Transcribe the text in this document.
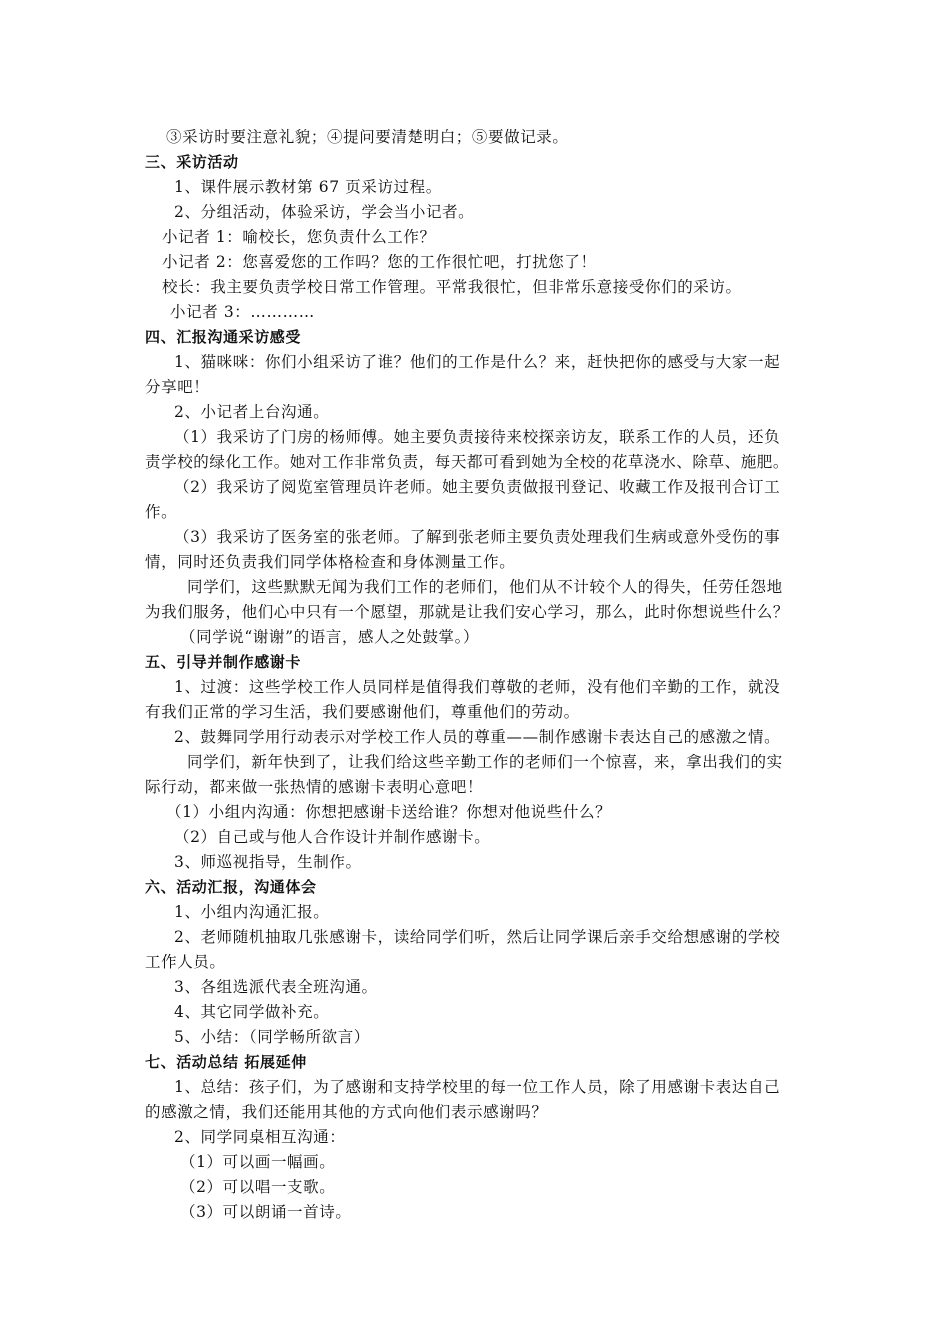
③采访时要注意礼貌；④提问要清楚明白；⑤要做记录。
三、采访活动
1、课件展示教材第 67 页采访过程。
2、分组活动，体验采访，学会当小记者。
小记者 1：喻校长，您负责什么工作？
小记者 2：您喜爱您的工作吗？您的工作很忙吧，打扰您了！
校长：我主要负责学校日常工作管理。平常我很忙，但非常乐意接受你们的采访。
小记者 3：…………
四、汇报沟通采访感受
1、猫咪咪：你们小组采访了谁？他们的工作是什么？来，赶快把你的感受与大家一起
分享吧！
2、小记者上台沟通。
（1）我采访了门房的杨师傅。她主要负责接待来校探亲访友，联系工作的人员，还负
责学校的绿化工作。她对工作非常负责，每天都可看到她为全校的花草浇水、除草、施肥。
（2）我采访了阅览室管理员许老师。她主要负责做报刊登记、收藏工作及报刊合订工
作。
（3）我采访了医务室的张老师。了解到张老师主要负责处理我们生病或意外受伤的事
情，同时还负责我们同学体格检查和身体测量工作。
同学们，这些默默无闻为我们工作的老师们，他们从不计较个人的得失，任劳任怨地
为我们服务，他们心中只有一个愿望，那就是让我们安心学习，那么，此时你想说些什么？
（同学说“谢谢”的语言，感人之处鼓掌。）
五、引导并制作感谢卡
1、过渡：这些学校工作人员同样是值得我们尊敬的老师，没有他们辛勤的工作，就没
有我们正常的学习生活，我们要感谢他们，尊重他们的劳动。
2、鼓舞同学用行动表示对学校工作人员的尊重——制作感谢卡表达自己的感激之情。
同学们，新年快到了，让我们给这些辛勤工作的老师们一个惊喜，来，拿出我们的实
际行动，都来做一张热情的感谢卡表明心意吧！
（1）小组内沟通：你想把感谢卡送给谁？你想对他说些什么？
（2）自己或与他人合作设计并制作感谢卡。
3、师巡视指导，生制作。
六、活动汇报，沟通体会
1、小组内沟通汇报。
2、老师随机抽取几张感谢卡，读给同学们听，然后让同学课后亲手交给想感谢的学校
工作人员。
3、各组选派代表全班沟通。
4、其它同学做补充。
5、小结：（同学畅所欲言）
七、活动总结 拓展延伸
1、总结：孩子们，为了感谢和支持学校里的每一位工作人员，除了用感谢卡表达自己
的感激之情，我们还能用其他的方式向他们表示感谢吗？
2、同学同桌相互沟通：
（1）可以画一幅画。
（2）可以唱一支歌。
（3）可以朗诵一首诗。
